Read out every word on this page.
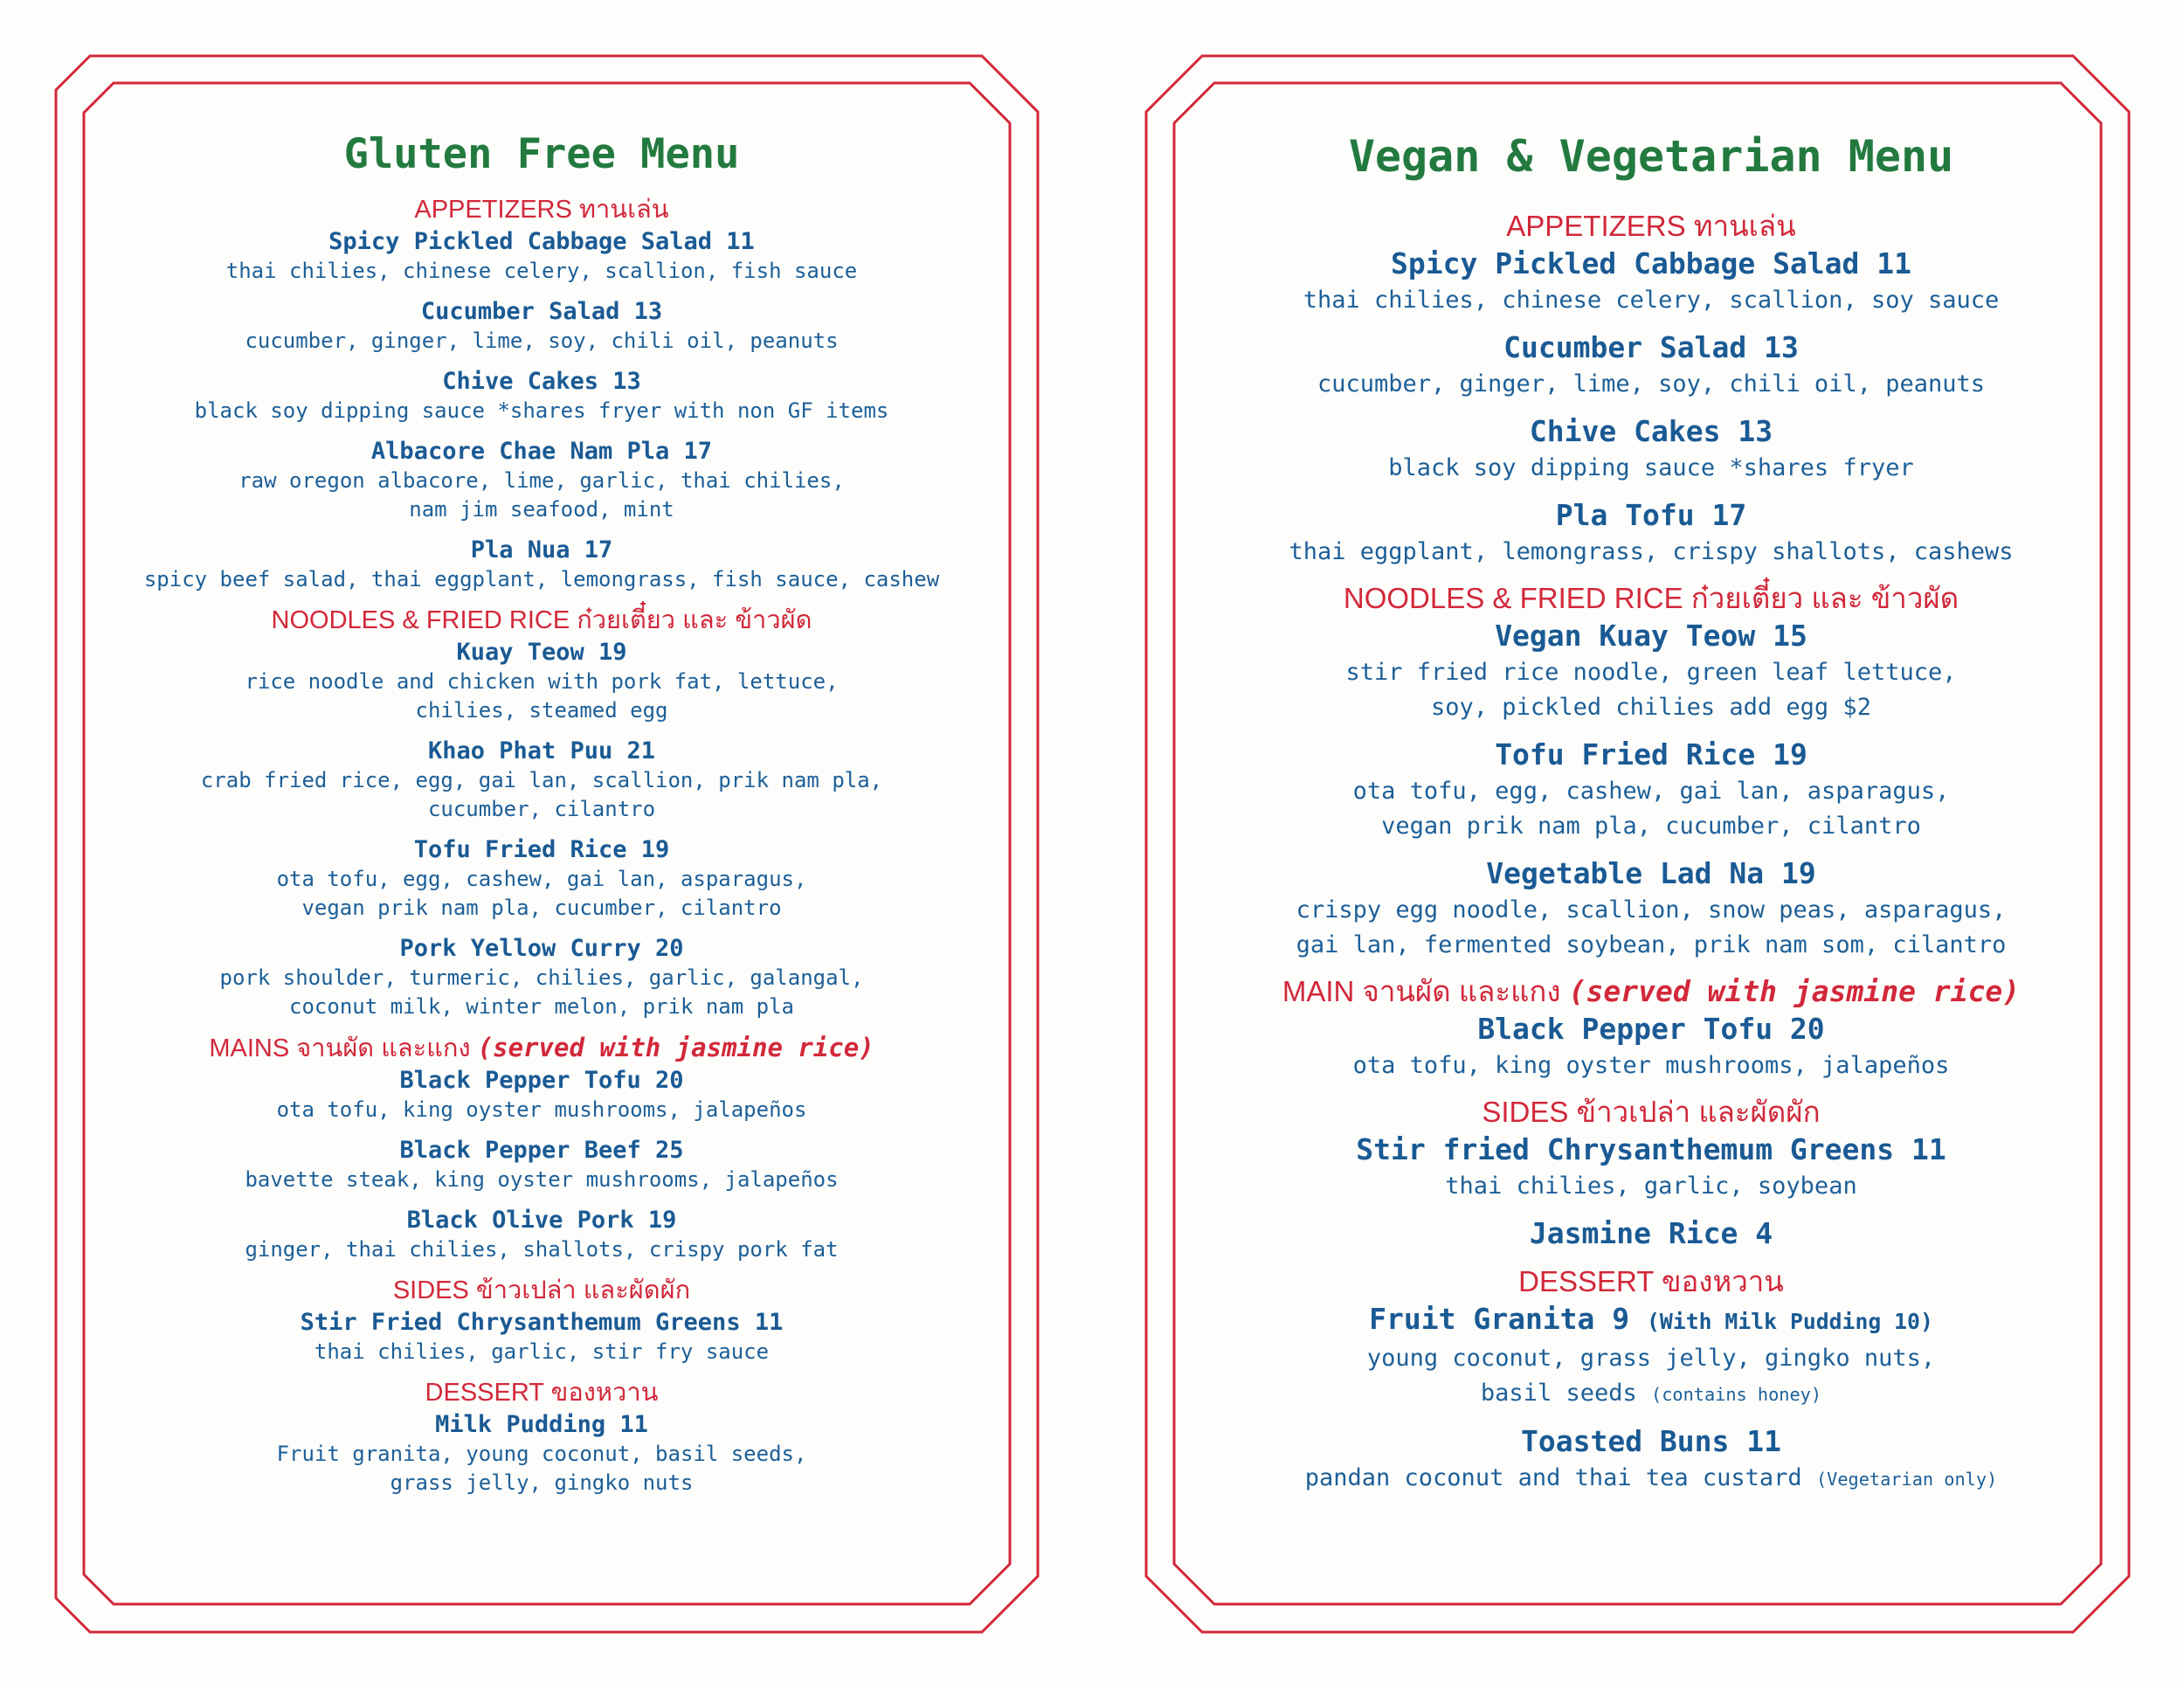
Gluten Free Menu
APPETIZERS ทานเล่น
Spicy Pickled Cabbage Salad 11
thai chilies, chinese celery, scallion, fish sauce
Cucumber Salad 13
cucumber, ginger, lime, soy, chili oil, peanuts
Chive Cakes 13
black soy dipping sauce *shares fryer with non GF items
Albacore Chae Nam Pla 17
raw oregon albacore, lime, garlic, thai chilies,
nam jim seafood, mint
Pla Nua 17
spicy beef salad, thai eggplant, lemongrass, fish sauce, cashew
NOODLES & FRIED RICE ก๋วยเตี๋ยว และ ข้าวผัด
Kuay Teow 19
rice noodle and chicken with pork fat, lettuce,
chilies, steamed egg
Khao Phat Puu 21
crab fried rice, egg, gai lan, scallion, prik nam pla,
cucumber, cilantro
Tofu Fried Rice 19
ota tofu, egg, cashew, gai lan, asparagus,
vegan prik nam pla, cucumber, cilantro
Pork Yellow Curry 20
pork shoulder, turmeric, chilies, garlic, galangal,
coconut milk, winter melon, prik nam pla
MAINS จานผัด และแกง (served with jasmine rice)
Black Pepper Tofu 20
ota tofu, king oyster mushrooms, jalapeños
Black Pepper Beef 25
bavette steak, king oyster mushrooms, jalapeños
Black Olive Pork 19
ginger, thai chilies, shallots, crispy pork fat
SIDES ข้าวเปล่า และผัดผัก
Stir Fried Chrysanthemum Greens 11
thai chilies, garlic, stir fry sauce
DESSERT ของหวาน
Milk Pudding 11
Fruit granita, young coconut, basil seeds,
grass jelly, gingko nuts
Vegan & Vegetarian Menu
APPETIZERS ทานเล่น
Spicy Pickled Cabbage Salad 11
thai chilies, chinese celery, scallion, soy sauce
Cucumber Salad 13
cucumber, ginger, lime, soy, chili oil, peanuts
Chive Cakes 13
black soy dipping sauce *shares fryer
Pla Tofu 17
thai eggplant, lemongrass, crispy shallots, cashews
NOODLES & FRIED RICE ก๋วยเตี๋ยว และ ข้าวผัด
Vegan Kuay Teow 15
stir fried rice noodle, green leaf lettuce,
soy, pickled chilies add egg $2
Tofu Fried Rice 19
ota tofu, egg, cashew, gai lan, asparagus,
vegan prik nam pla, cucumber, cilantro
Vegetable Lad Na 19
crispy egg noodle, scallion, snow peas, asparagus,
gai lan, fermented soybean, prik nam som, cilantro
MAIN จานผัด และแกง (served with jasmine rice)
Black Pepper Tofu 20
ota tofu, king oyster mushrooms, jalapeños
SIDES ข้าวเปล่า และผัดผัก
Stir fried Chrysanthemum Greens 11
thai chilies, garlic, soybean
Jasmine Rice 4
DESSERT ของหวาน
Fruit Granita 9 (With Milk Pudding 10)
young coconut, grass jelly, gingko nuts,
basil seeds (contains honey)
Toasted Buns 11
pandan coconut and thai tea custard (Vegetarian only)
